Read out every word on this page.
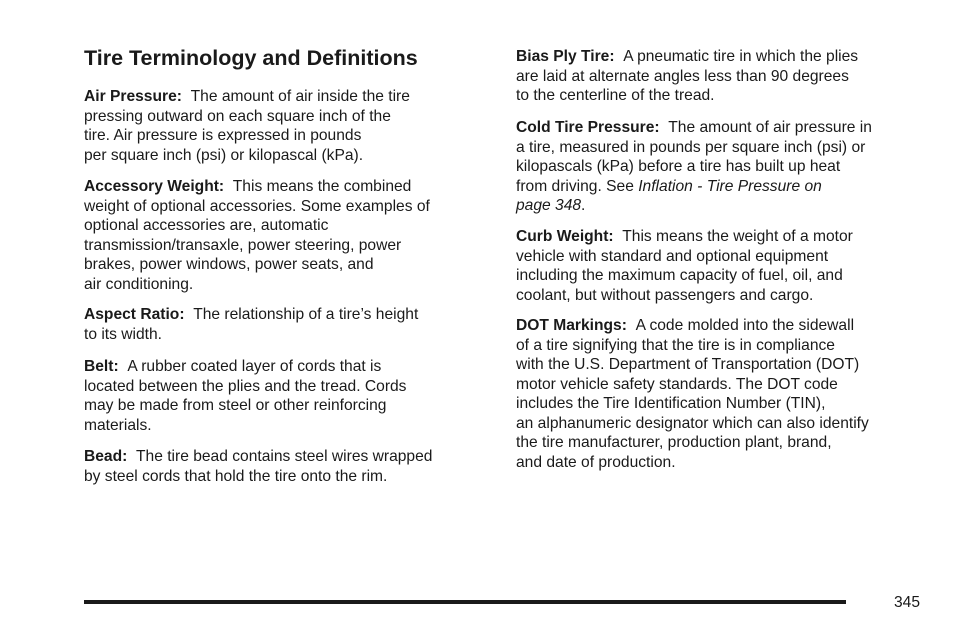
Tire Terminology and Definitions

Air Pressure: The amount of air inside the tire
pressing outward on each square inch of the
tire. Air pressure is expressed in pounds
per square inch (psi) or kilopascal (kPa).

Accessory Weight: This means the combined
weight of optional accessories. Some examples of
optional accessories are, automatic
transmission/transaxle, power steering, power
brakes, power windows, power seats, and
air conditioning.

Aspect Ratio: The relationship of a tire’s height
to its width.

Belt: A rubber coated layer of cords that is
located between the plies and the tread. Cords
may be made from steel or other reinforcing
materials.

Bead: The tire bead contains steel wires wrapped
by steel cords that hold the tire onto the rim.

Bias Ply Tire: A pneumatic tire in which the plies
are laid at alternate angles less than 90 degrees
to the centerline of the tread.

Cold Tire Pressure: The amount of air pressure in
a tire, measured in pounds per square inch (psi) or
kilopascals (kPa) before a tire has built up heat
from driving. See Inflation - Tire Pressure on
page 348.

Curb Weight: This means the weight of a motor
vehicle with standard and optional equipment
including the maximum capacity of fuel, oil, and
coolant, but without passengers and cargo.

DOT Markings: A code molded into the sidewall
of a tire signifying that the tire is in compliance
with the U.S. Department of Transportation (DOT)
motor vehicle safety standards. The DOT code
includes the Tire Identification Number (TIN),
an alphanumeric designator which can also identify
the tire manufacturer, production plant, brand,
and date of production.

345
